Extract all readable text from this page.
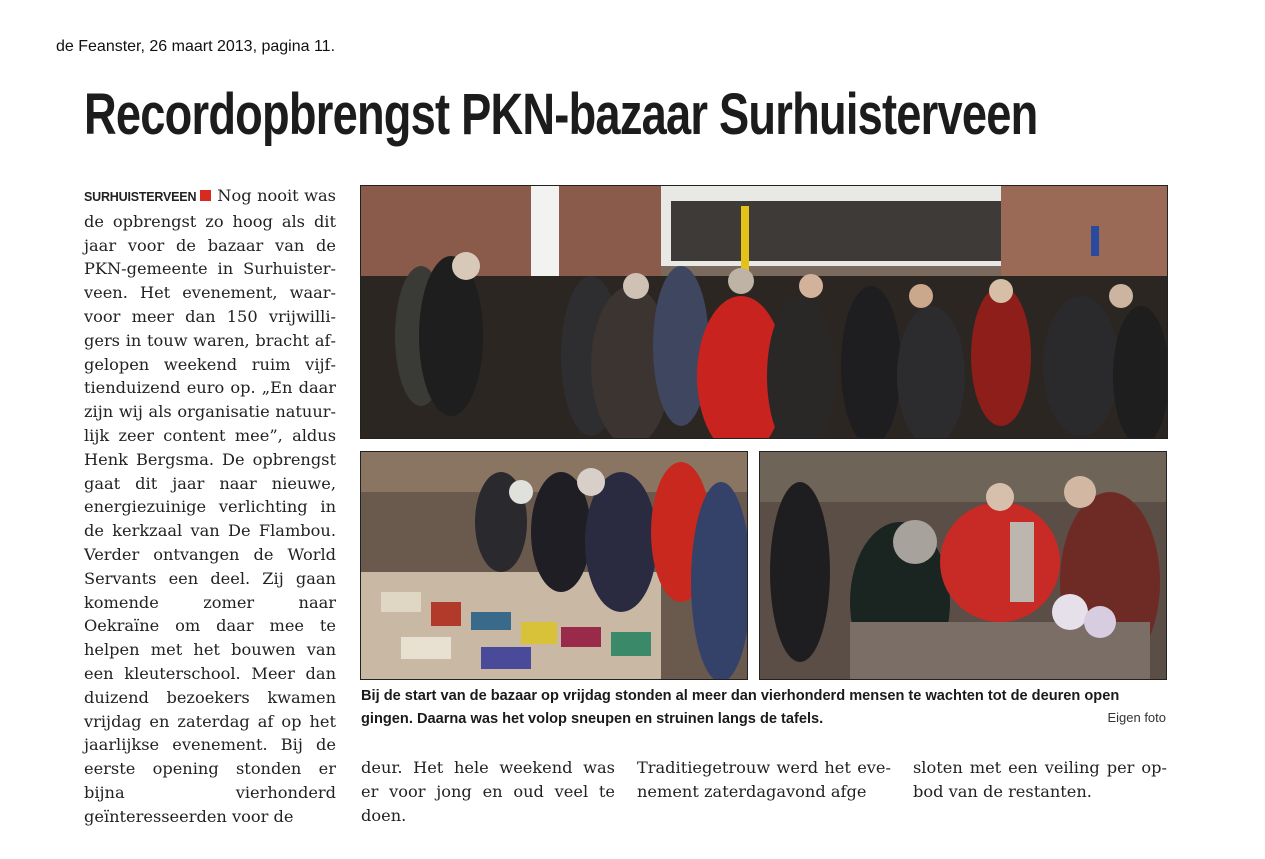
de Feanster, 26 maart 2013, pagina 11.
Recordopbrengst PKN-bazaar Surhuisterveen
SURHUISTERVEEN Nog nooit was de opbrengst zo hoog als dit jaar voor de bazaar van de PKN-gemeente in Surhuisterveen. Het evenement, waarvoor meer dan 150 vrijwilligers in touw waren, bracht afgelopen weekend ruim vijftienduizend euro op. „En daar zijn wij als organisatie natuurlijk zeer content mee”, aldus Henk Bergsma. De opbrengst gaat dit jaar naar nieuwe, energiezuinige verlichting in de kerkzaal van De Flambou. Verder ontvangen de World Servants een deel. Zij gaan komende zomer naar Oekraïne om daar mee te helpen met het bouwen van een kleuterschool. Meer dan duizend bezoekers kwamen vrijdag en zaterdag af op het jaarlijkse evenement. Bij de eerste opening stonden er bijna vierhonderd geïnteresseerden voor de
Bij de start van de bazaar op vrijdag stonden al meer dan vierhonderd mensen te wachten tot de deuren open gingen. Daarna was het volop sneupen en struinen langs de tafels.	Eigen foto
deur. Het hele weekend was er voor jong en oud veel te doen.
Traditiegetrouw werd het evenement zaterdagavond afge
sloten met een veiling per opbod van de restanten.
